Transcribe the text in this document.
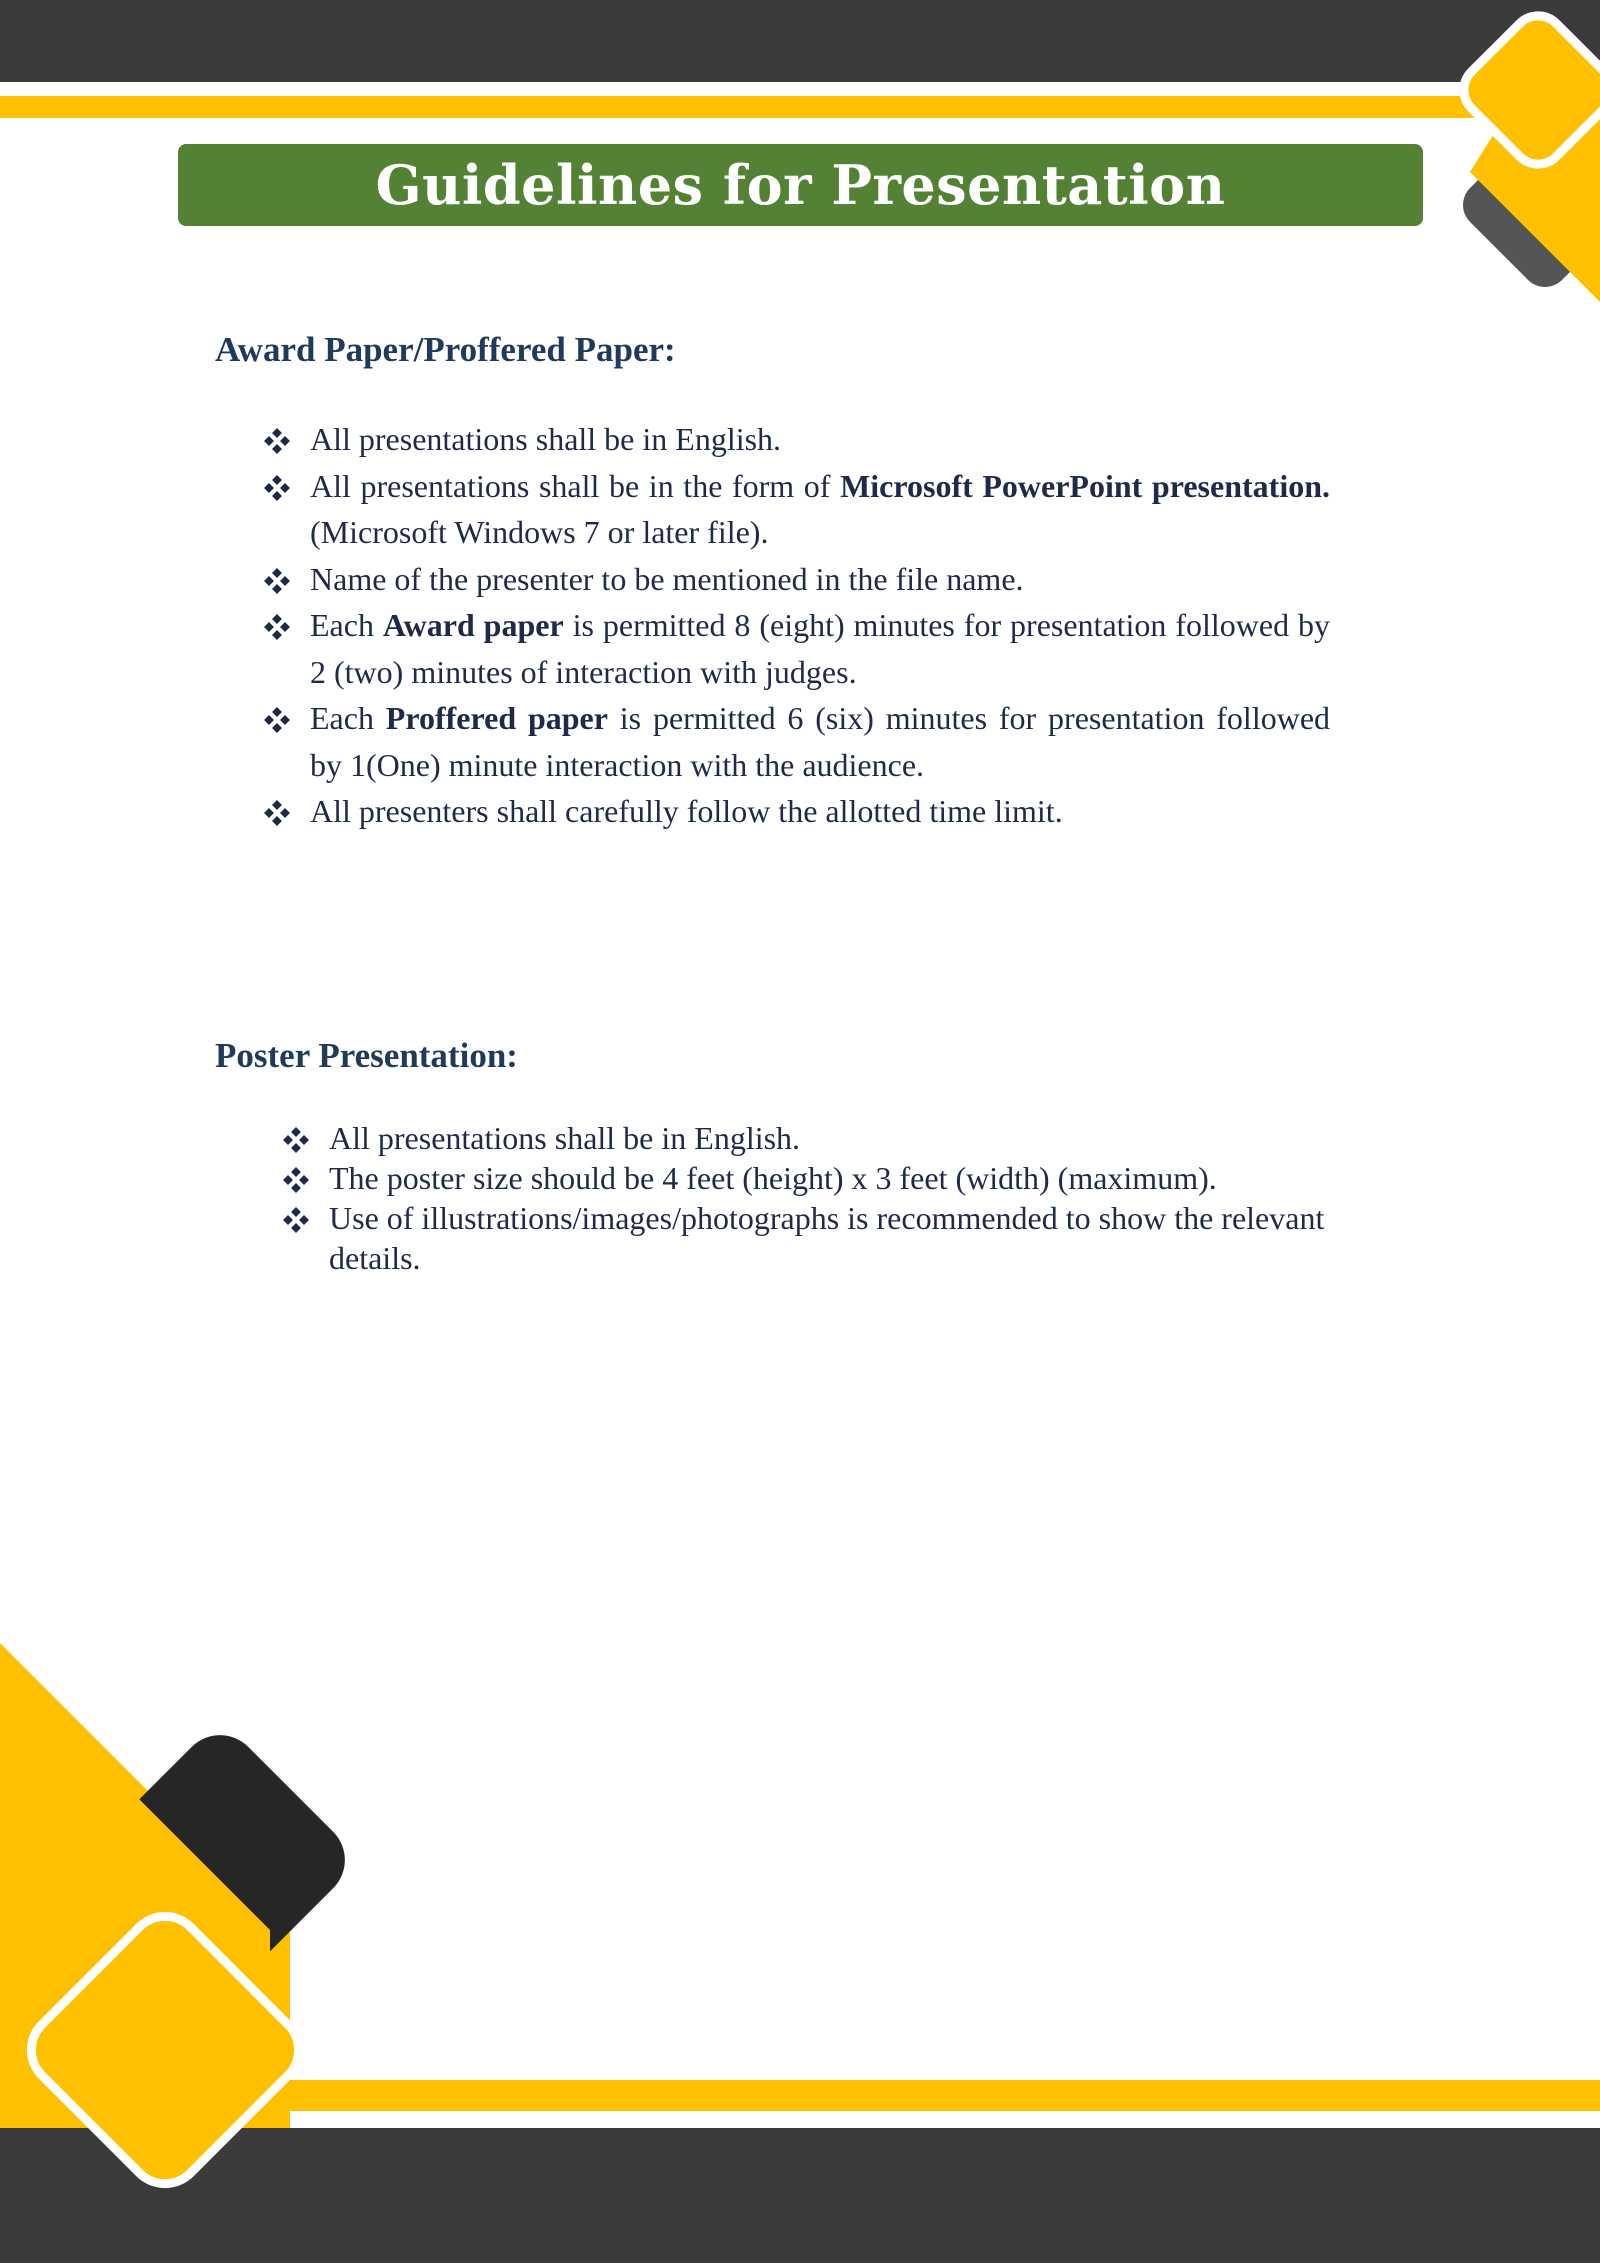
Guidelines for Presentation
Award Paper/Proffered Paper:
All presentations shall be in English.
All presentations shall be in the form of Microsoft PowerPoint presentation. (Microsoft Windows 7 or later file).
Name of the presenter to be mentioned in the file name.
Each Award paper is permitted 8 (eight) minutes for presentation followed by 2 (two) minutes of interaction with judges.
Each Proffered paper is permitted 6 (six) minutes for presentation followed by 1(One) minute interaction with the audience.
All presenters shall carefully follow the allotted time limit.
Poster Presentation:
All presentations shall be in English.
The poster size should be 4 feet (height) x 3 feet (width) (maximum).
Use of illustrations/images/photographs is recommended to show the relevant details.
